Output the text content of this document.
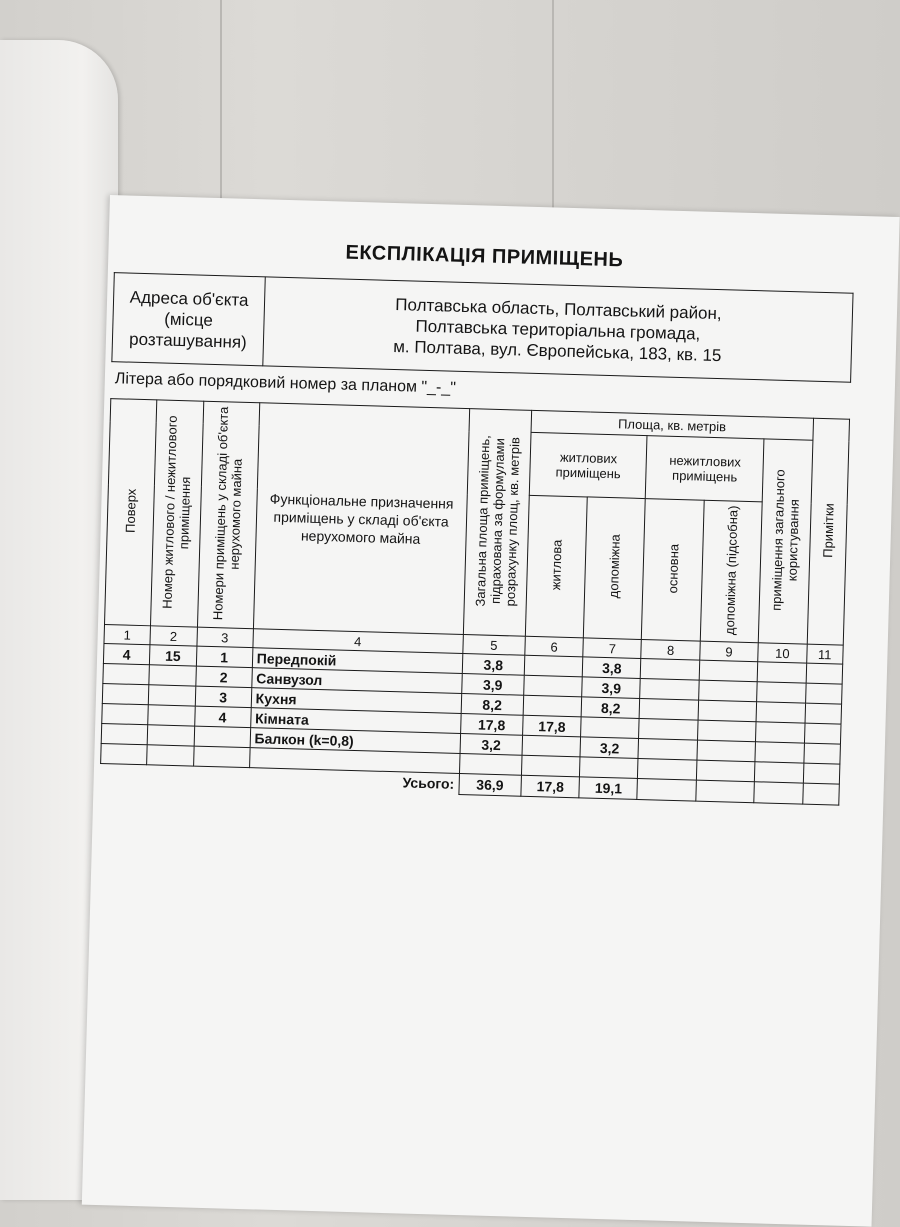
ЕКСПЛІКАЦІЯ ПРИМІЩЕНЬ
Адреса об'єкта (місце розташування)	
Полтавська область, Полтавський район,
Полтавська територіальна громада,
м. Полтава, вул. Європейська, 183, кв. 15
Літера або порядковий номер за планом "_-_"
Поверх	Номер житлового / нежитлового приміщення	Номери приміщень у складі об'єкта нерухомого майна	Функціональне призначення приміщень у складі об'єкта нерухомого майна	Загальна площа приміщень, підрахована за формулами розрахунку площ, кв. метрів	Площа, кв. метрів					Примітки
					житлових приміщень		нежитлових приміщень		приміщення загального користування	
					житлова	допоміжна	основна	допоміжна (підсобна)		
1	2	3	4	5	6	7	8	9	10	11
4	15	1	Передпокій	3,8		3,8				
		2	Санвузол	3,9		3,9				
		3	Кухня	8,2		8,2				
		4	Кімната	17,8	17,8					
			Балкон (k=0,8)	3,2		3,2				

Усього:				36,9	17,8	19,1				
